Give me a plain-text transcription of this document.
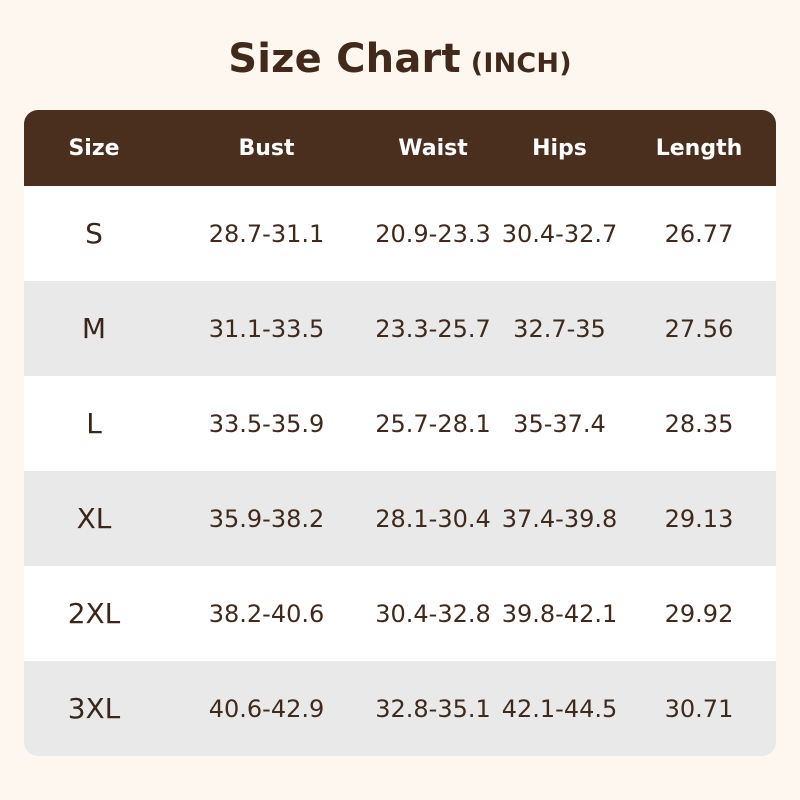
Size Chart (INCH)
Size	Bust	Waist	Hips	Length
S	28.7-31.1	20.9-23.3	30.4-32.7	26.77
M	31.1-33.5	23.3-25.7	32.7-35	27.56
L	33.5-35.9	25.7-28.1	35-37.4	28.35
XL	35.9-38.2	28.1-30.4	37.4-39.8	29.13
2XL	38.2-40.6	30.4-32.8	39.8-42.1	29.92
3XL	40.6-42.9	32.8-35.1	42.1-44.5	30.71
